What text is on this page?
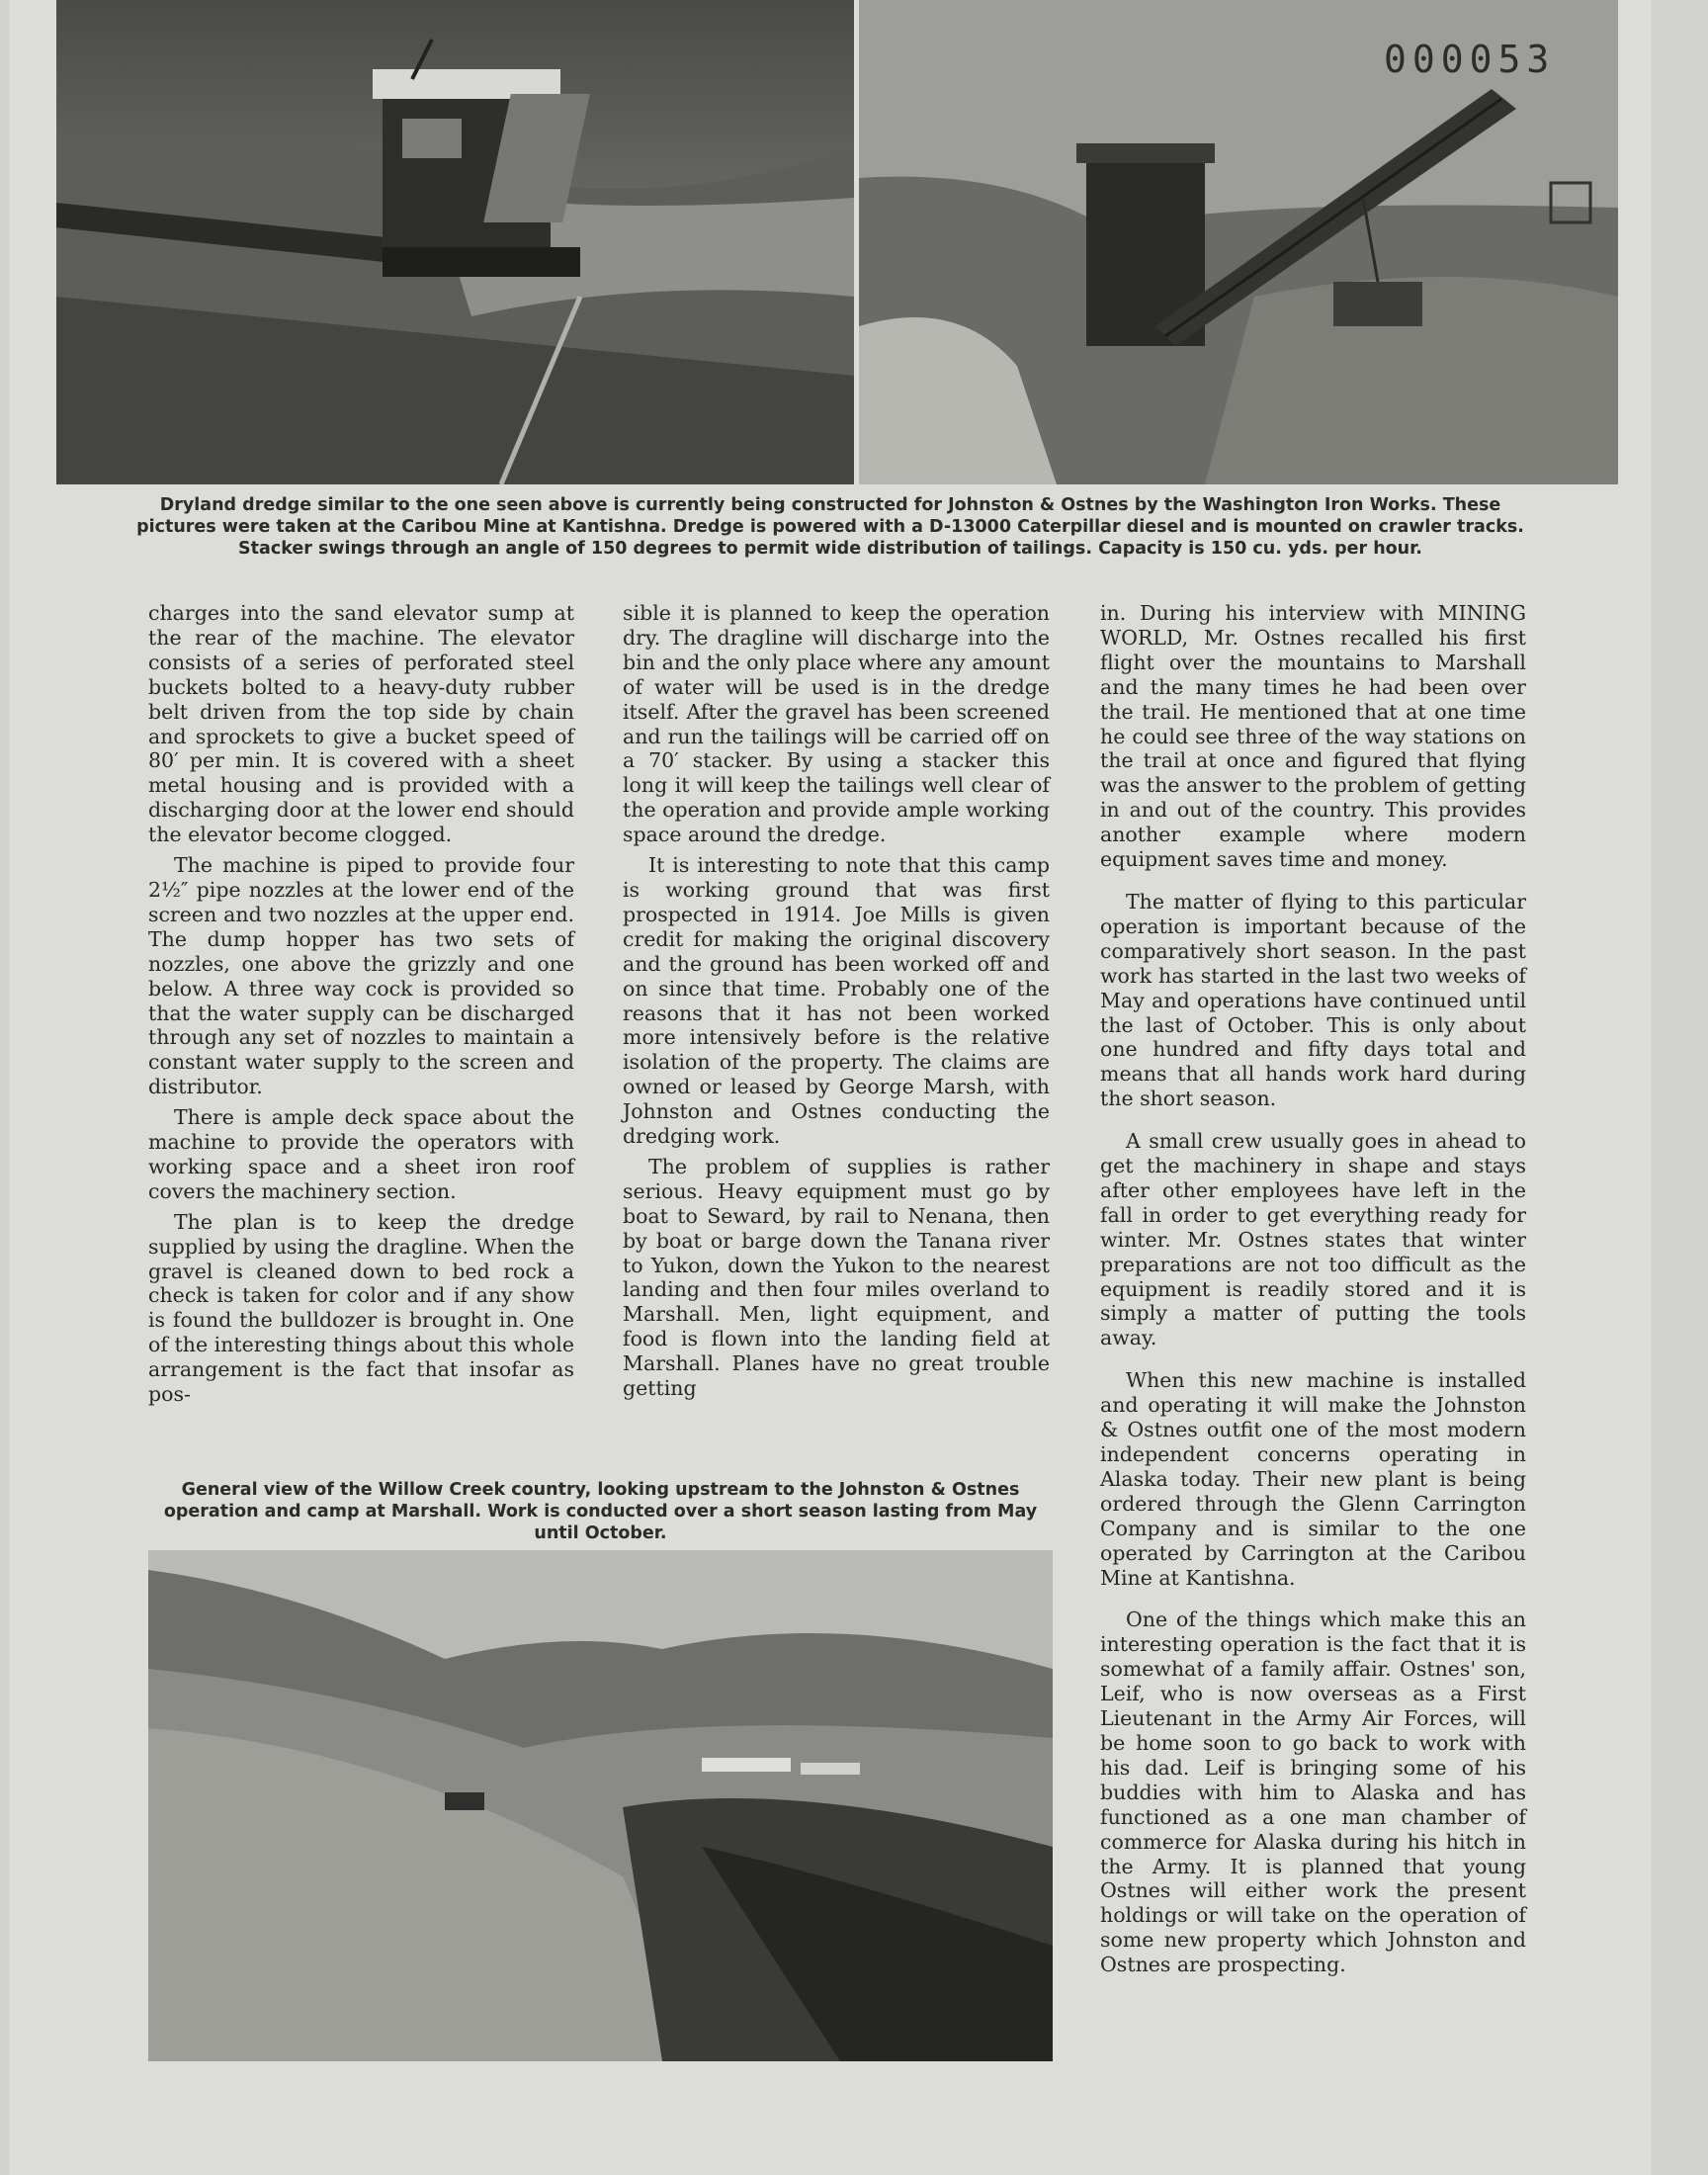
000053
Dryland dredge similar to the one seen above is currently being constructed for Johnston & Ostnes by the Washington Iron Works. These pictures were taken at the Caribou Mine at Kantishna. Dredge is powered with a D-13000 Caterpillar diesel and is mounted on crawler tracks. Stacker swings through an angle of 150 degrees to permit wide distribution of tailings. Capacity is 150 cu. yds. per hour.

charges into the sand elevator sump at the rear of the machine. The elevator consists of a series of perforated steel buckets bolted to a heavy-duty rubber belt driven from the top side by chain and sprockets to give a bucket speed of 80′ per min. It is covered with a sheet metal housing and is provided with a discharging door at the lower end should the elevator become clogged.

The machine is piped to provide four 2½″ pipe nozzles at the lower end of the screen and two nozzles at the upper end. The dump hopper has two sets of nozzles, one above the grizzly and one below. A three way cock is provided so that the water supply can be discharged through any set of nozzles to maintain a constant water supply to the screen and distributor.

There is ample deck space about the machine to provide the operators with working space and a sheet iron roof covers the machinery section.

The plan is to keep the dredge supplied by using the dragline. When the gravel is cleaned down to bed rock a check is taken for color and if any show is found the bulldozer is brought in. One of the interesting things about this whole arrangement is the fact that insofar as pos-

sible it is planned to keep the operation dry. The dragline will discharge into the bin and the only place where any amount of water will be used is in the dredge itself. After the gravel has been screened and run the tailings will be carried off on a 70′ stacker. By using a stacker this long it will keep the tailings well clear of the operation and provide ample working space around the dredge.

It is interesting to note that this camp is working ground that was first prospected in 1914. Joe Mills is given credit for making the original discovery and the ground has been worked off and on since that time. Probably one of the reasons that it has not been worked more intensively before is the relative isolation of the property. The claims are owned or leased by George Marsh, with Johnston and Ostnes conducting the dredging work.

The problem of supplies is rather serious. Heavy equipment must go by boat to Seward, by rail to Nenana, then by boat or barge down the Tanana river to Yukon, down the Yukon to the nearest landing and then four miles overland to Marshall. Men, light equipment, and food is flown into the landing field at Marshall. Planes have no great trouble getting

in. During his interview with MINING WORLD, Mr. Ostnes recalled his first flight over the mountains to Marshall and the many times he had been over the trail. He mentioned that at one time he could see three of the way stations on the trail at once and figured that flying was the answer to the problem of getting in and out of the country. This provides another example where modern equipment saves time and money.

The matter of flying to this particular operation is important because of the comparatively short season. In the past work has started in the last two weeks of May and operations have continued until the last of October. This is only about one hundred and fifty days total and means that all hands work hard during the short season.

A small crew usually goes in ahead to get the machinery in shape and stays after other employees have left in the fall in order to get everything ready for winter. Mr. Ostnes states that winter preparations are not too difficult as the equipment is readily stored and it is simply a matter of putting the tools away.

When this new machine is installed and operating it will make the Johnston & Ostnes outfit one of the most modern independent concerns operating in Alaska today. Their new plant is being ordered through the Glenn Carrington Company and is similar to the one operated by Carrington at the Caribou Mine at Kantishna.

One of the things which make this an interesting operation is the fact that it is somewhat of a family affair. Ostnes' son, Leif, who is now overseas as a First Lieutenant in the Army Air Forces, will be home soon to go back to work with his dad. Leif is bringing some of his buddies with him to Alaska and has functioned as a one man chamber of commerce for Alaska during his hitch in the Army. It is planned that young Ostnes will either work the present holdings or will take on the operation of some new property which Johnston and Ostnes are prospecting.

General view of the Willow Creek country, looking upstream to the Johnston & Ostnes operation and camp at Marshall. Work is conducted over a short season lasting from May until October.
